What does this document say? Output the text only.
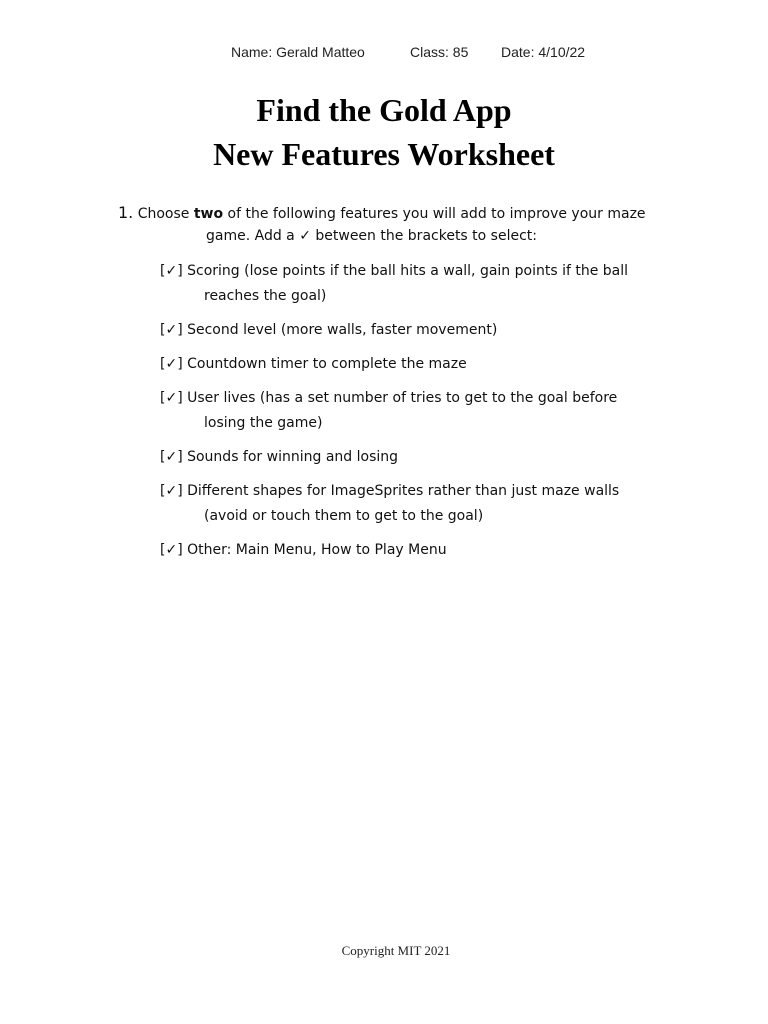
Name: Gerald Matteo	Class: 85 Date: 4/10/22
Find the Gold App
New Features Worksheet
1. Choose two of the following features you will add to improve your maze
game. Add a ✓ between the brackets to select:
[✓] Scoring (lose points if the ball hits a wall, gain points if the ball
reaches the goal)
[✓] Second level (more walls, faster movement)
[✓] Countdown timer to complete the maze
[✓] User lives (has a set number of tries to get to the goal before
losing the game)
[✓] Sounds for winning and losing
[✓] Different shapes for ImageSprites rather than just maze walls
(avoid or touch them to get to the goal)
[✓] Other: Main Menu, How to Play Menu
Copyright MIT 2021
